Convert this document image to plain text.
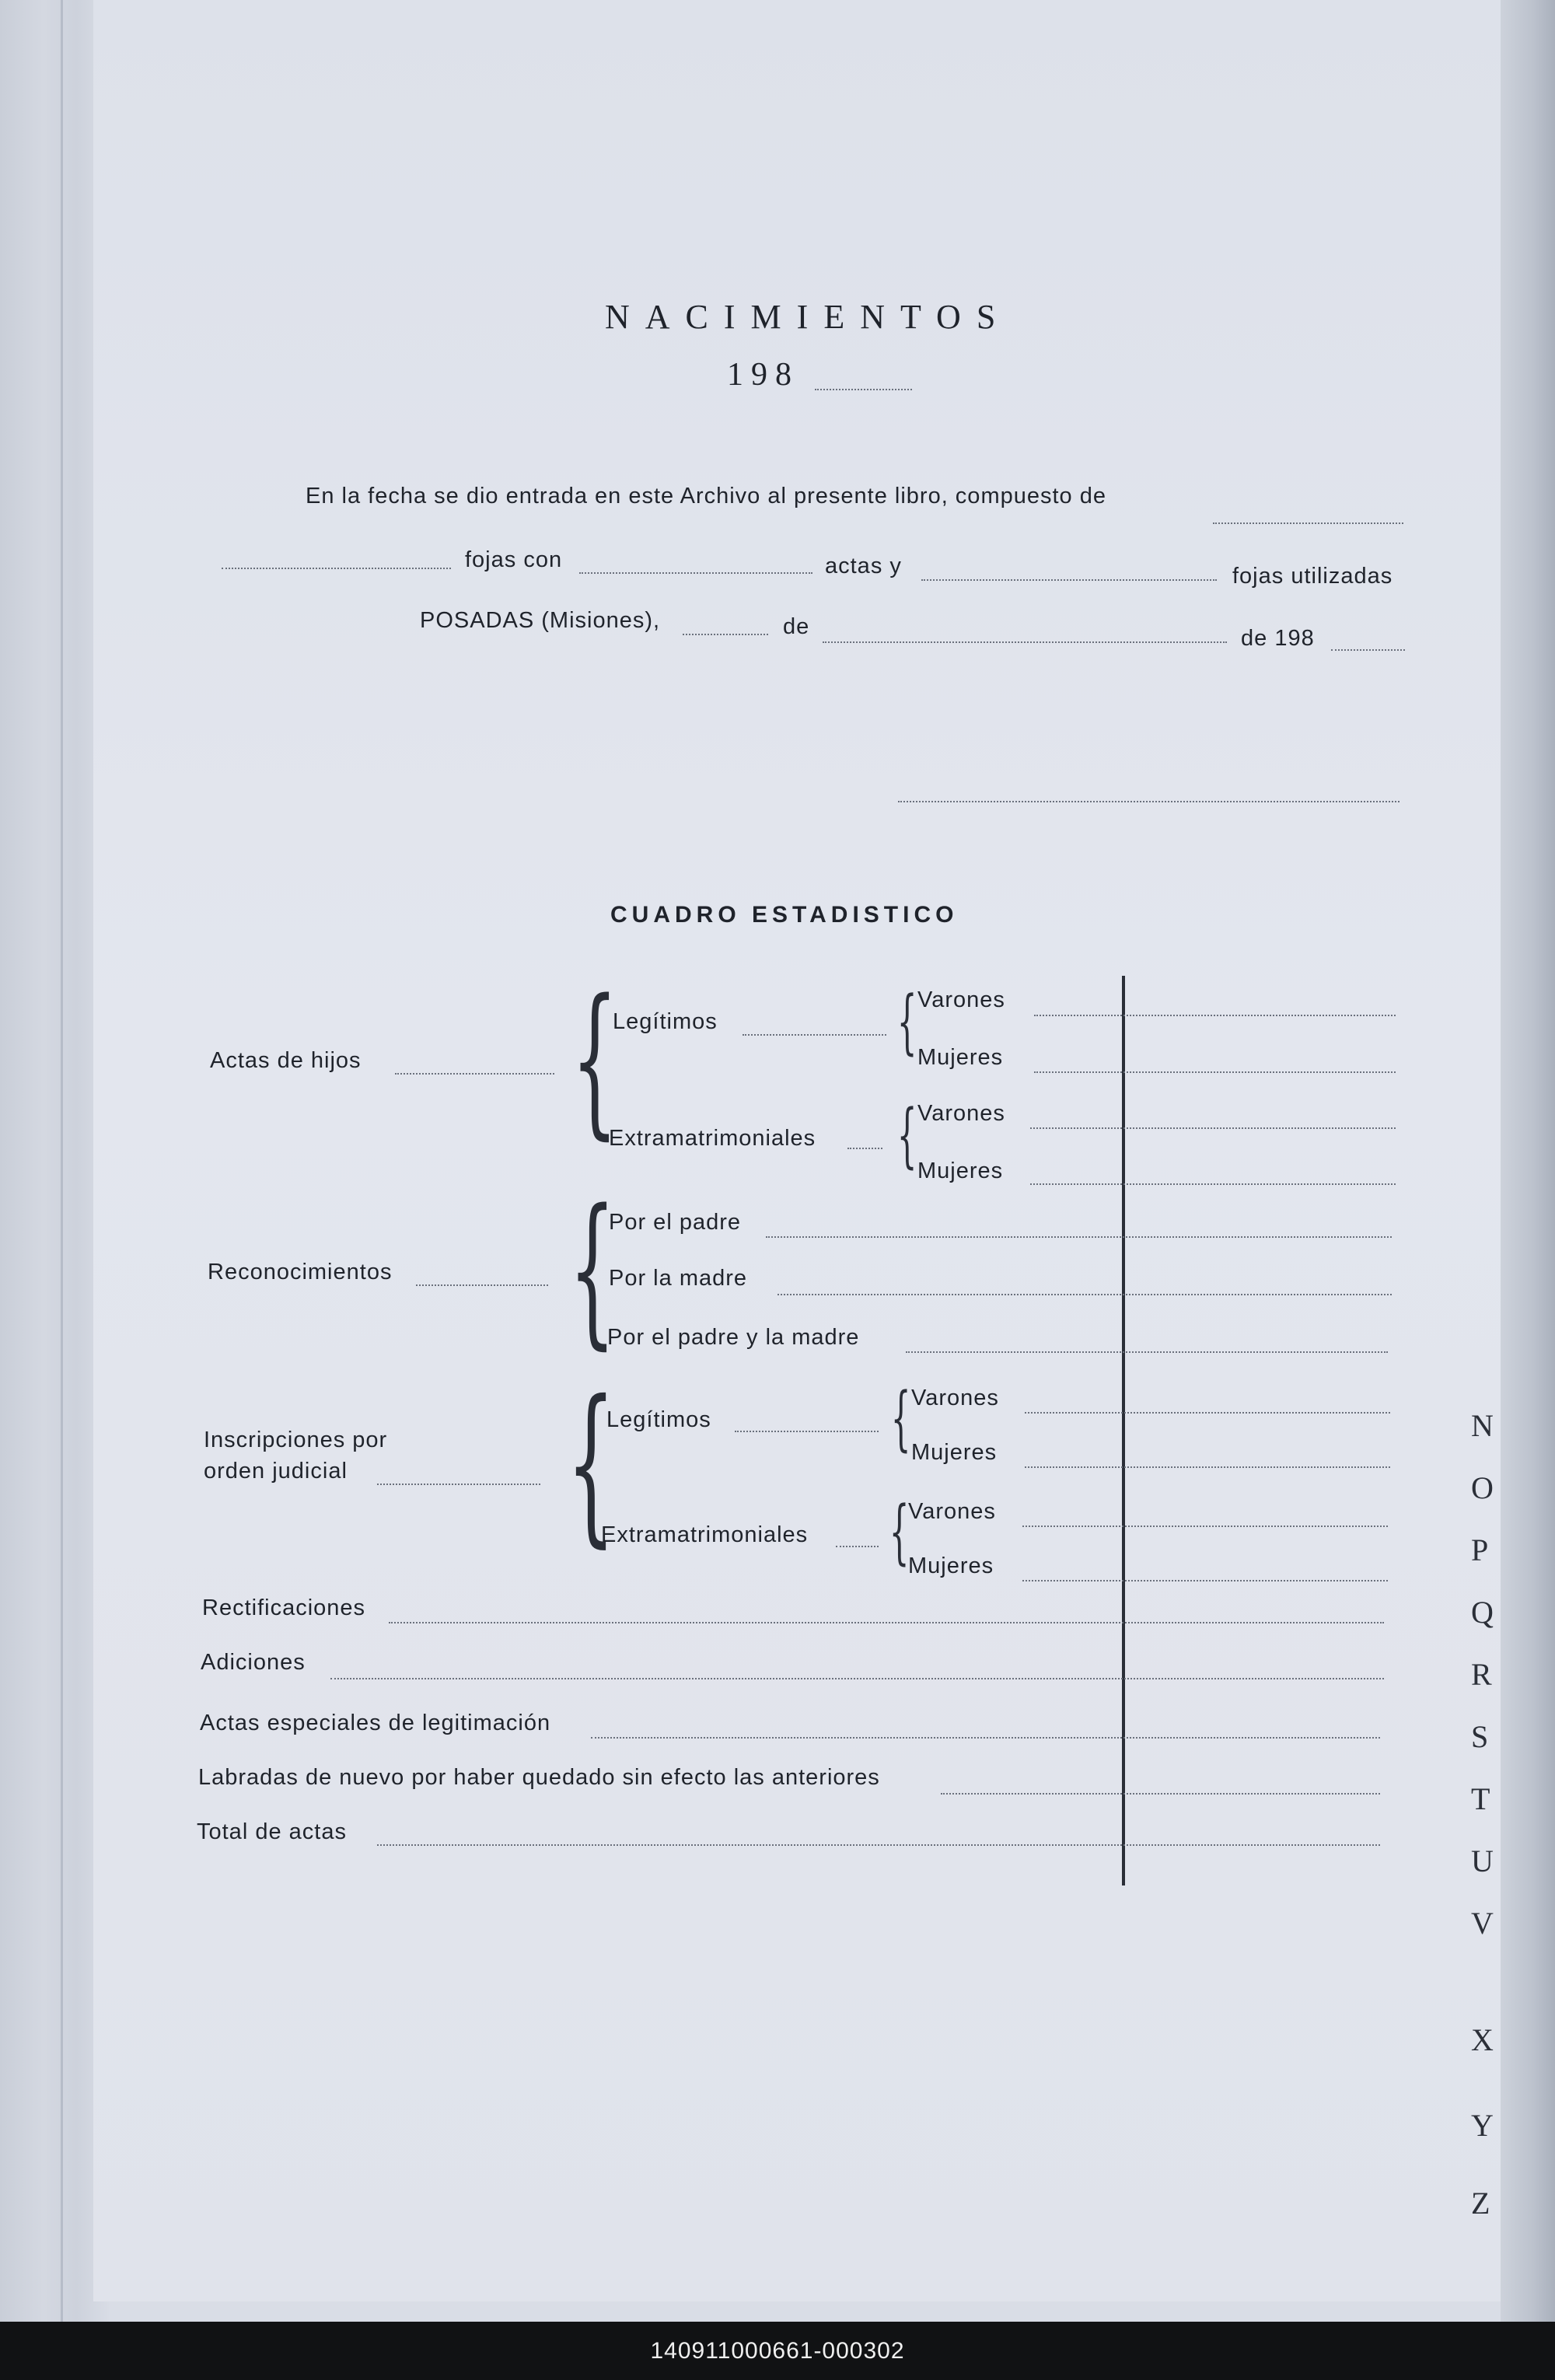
N
O
P
Q
R
S
T
U
V
X
Y
Z
NACIMIENTOS
198
En la fecha se dio entrada en este Archivo al presente libro, compuesto de
fojas con	actas y	fojas utilizadas
POSADAS (Misiones),	de	de 198
CUADRO ESTADISTICO
Actas de hijos {
Legítimos	{ Varones
Mujeres
Extramatrimoniales { Varones
Mujeres
Reconocimientos {
Por el padre
Por la madre
Por el padre y la madre
Inscripciones por
orden judicial {
Legítimos	{ Varones
Mujeres
Extramatrimoniales {
Varones
Mujeres
Rectificaciones
Adiciones
Actas especiales de legitimación
Labradas de nuevo por haber quedado sin efecto las anteriores
Total de actas
140911000661-000302
